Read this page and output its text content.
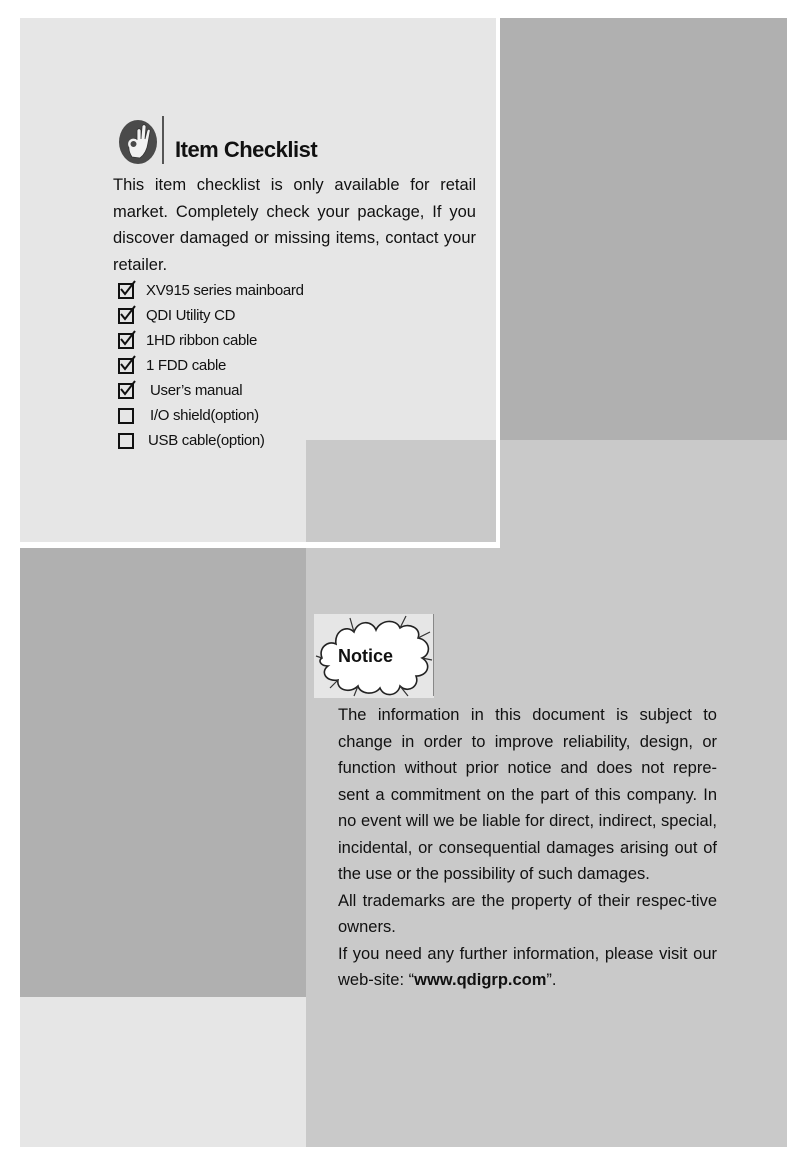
Item Checklist
This item checklist is only available for retail market. Completely check your package, If you discover damaged or missing items, contact your retailer.
XV915 series mainboard
QDI Utility CD
1HD ribbon cable
1 FDD cable
User’s manual
I/O shield(option)
USB cable(option)
Notice

The information in this document is subject to change in order to improve reliability, design, or function without prior notice and does not repre-sent a commitment on the part of this company. In no event will we be liable for direct, indirect, special, incidental, or consequential damages arising out of the use or the possibility of such damages.

All trademarks are the property of their respec-tive owners.

If you need any further information, please visit our web-site: “www.qdigrp.com”.
